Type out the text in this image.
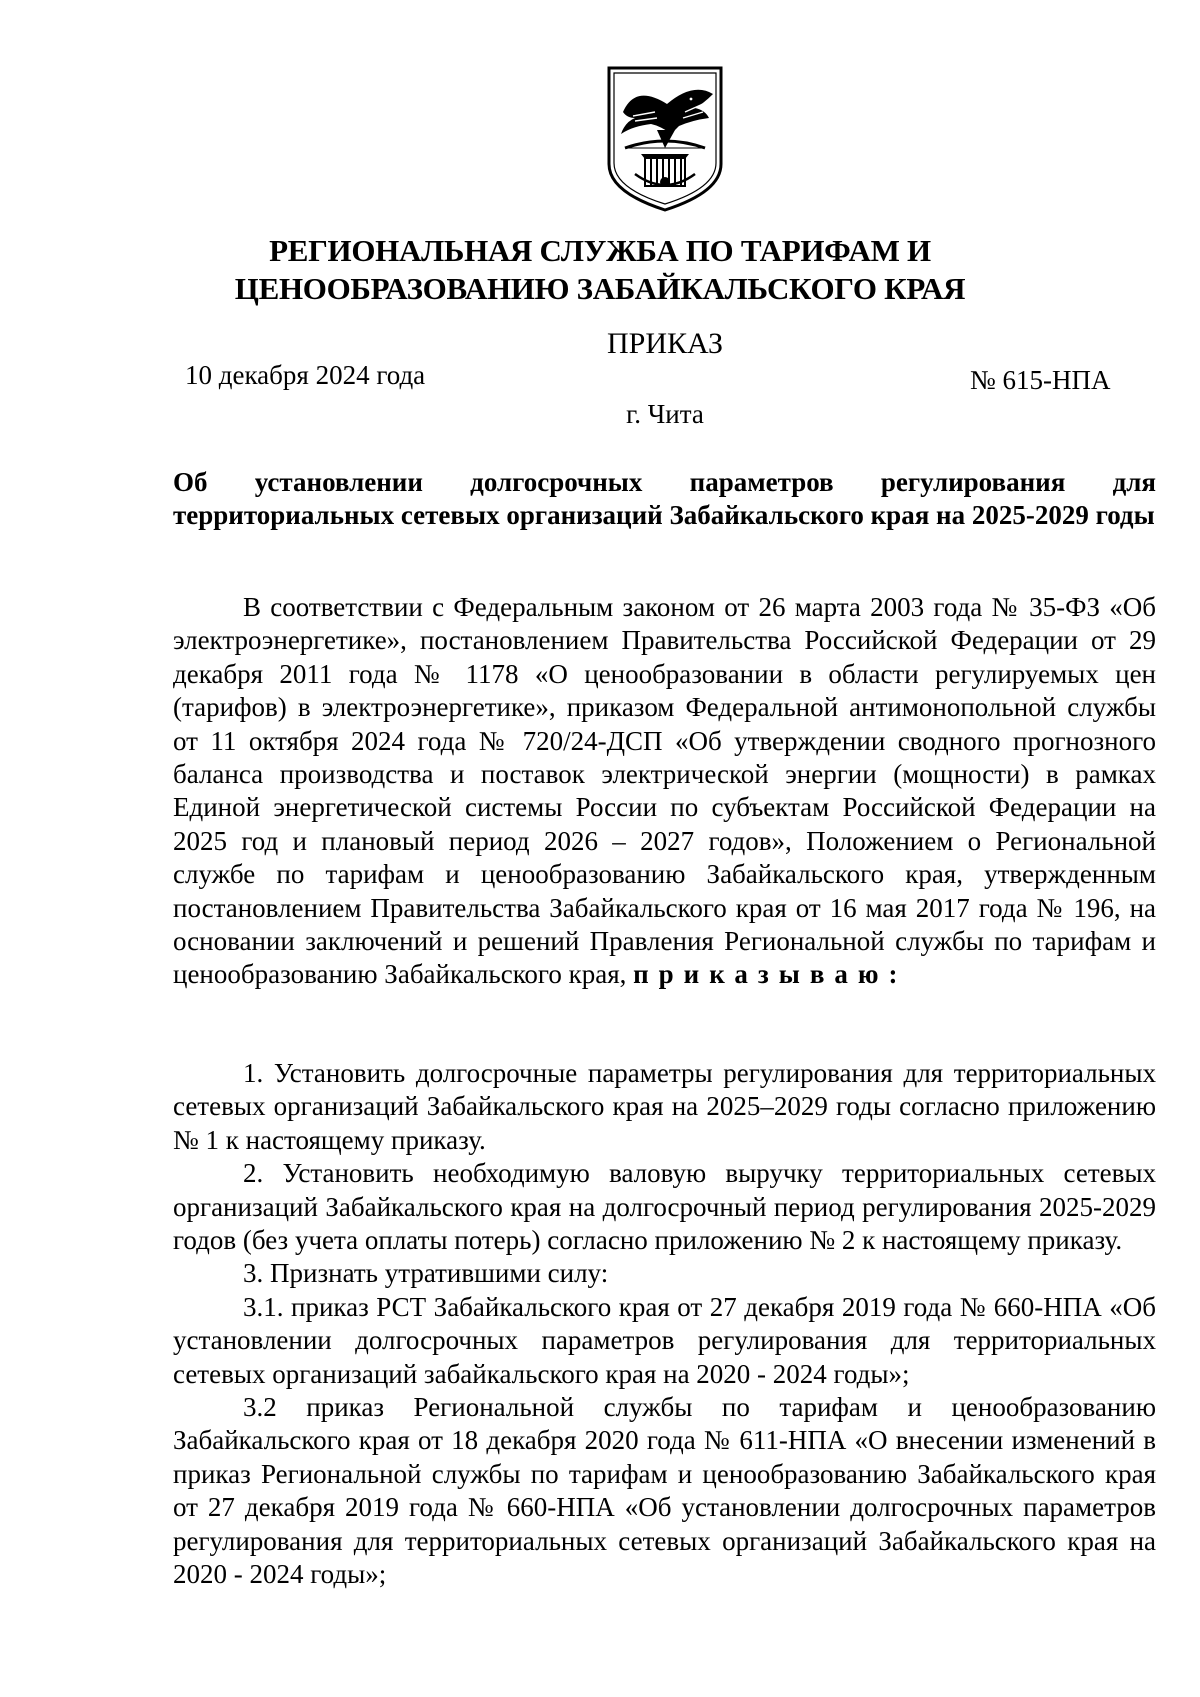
РЕГИОНАЛЬНАЯ СЛУЖБА ПО ТАРИФАМ И
ЦЕНООБРАЗОВАНИЮ ЗАБАЙКАЛЬСКОГО КРАЯ
ПРИКАЗ
10 декабря 2024 года	№ 615-НПА
г. Чита
Об установлении долгосрочных параметров регулирования для территориальных сетевых организаций Забайкальского края на 2025-2029 годы

В соответствии с Федеральным законом от 26 марта 2003 года № 35-ФЗ «Об электроэнергетике», постановлением Правительства Российской Федерации от 29 декабря 2011 года № 1178 «О ценообразовании в области регулируемых цен (тарифов) в электроэнергетике», приказом Федеральной антимонопольной службы от 11 октября 2024 года № 720/24-ДСП «Об утверждении сводного прогнозного баланса производства и поставок электрической энергии (мощности) в рамках Единой энергетической системы России по субъектам Российской Федерации на 2025 год и плановый период 2026 – 2027 годов», Положением о Региональной службе по тарифам и ценообразованию Забайкальского края, утвержденным постановлением Правительства Забайкальского края от 16 мая 2017 года № 196, на основании заключений и решений Правления Региональной службы по тарифам и ценообразованию Забайкальского края, приказываю:

1. Установить долгосрочные параметры регулирования для территориальных сетевых организаций Забайкальского края на 2025–2029 годы согласно приложению № 1 к настоящему приказу.

2. Установить необходимую валовую выручку территориальных сетевых организаций Забайкальского края на долгосрочный период регулирования 2025-2029 годов (без учета оплаты потерь) согласно приложению № 2 к настоящему приказу.

3. Признать утратившими силу:

3.1. приказ РСТ Забайкальского края от 27 декабря 2019 года № 660-НПА «Об установлении долгосрочных параметров регулирования для территориальных сетевых организаций забайкальского края на 2020 - 2024 годы»;

3.2 приказ Региональной службы по тарифам и ценообразованию Забайкальского края от 18 декабря 2020 года № 611-НПА «О внесении изменений в приказ Региональной службы по тарифам и ценообразованию Забайкальского края от 27 декабря 2019 года № 660-НПА «Об установлении долгосрочных параметров регулирования для территориальных сетевых организаций Забайкальского края на 2020 - 2024 годы»;
